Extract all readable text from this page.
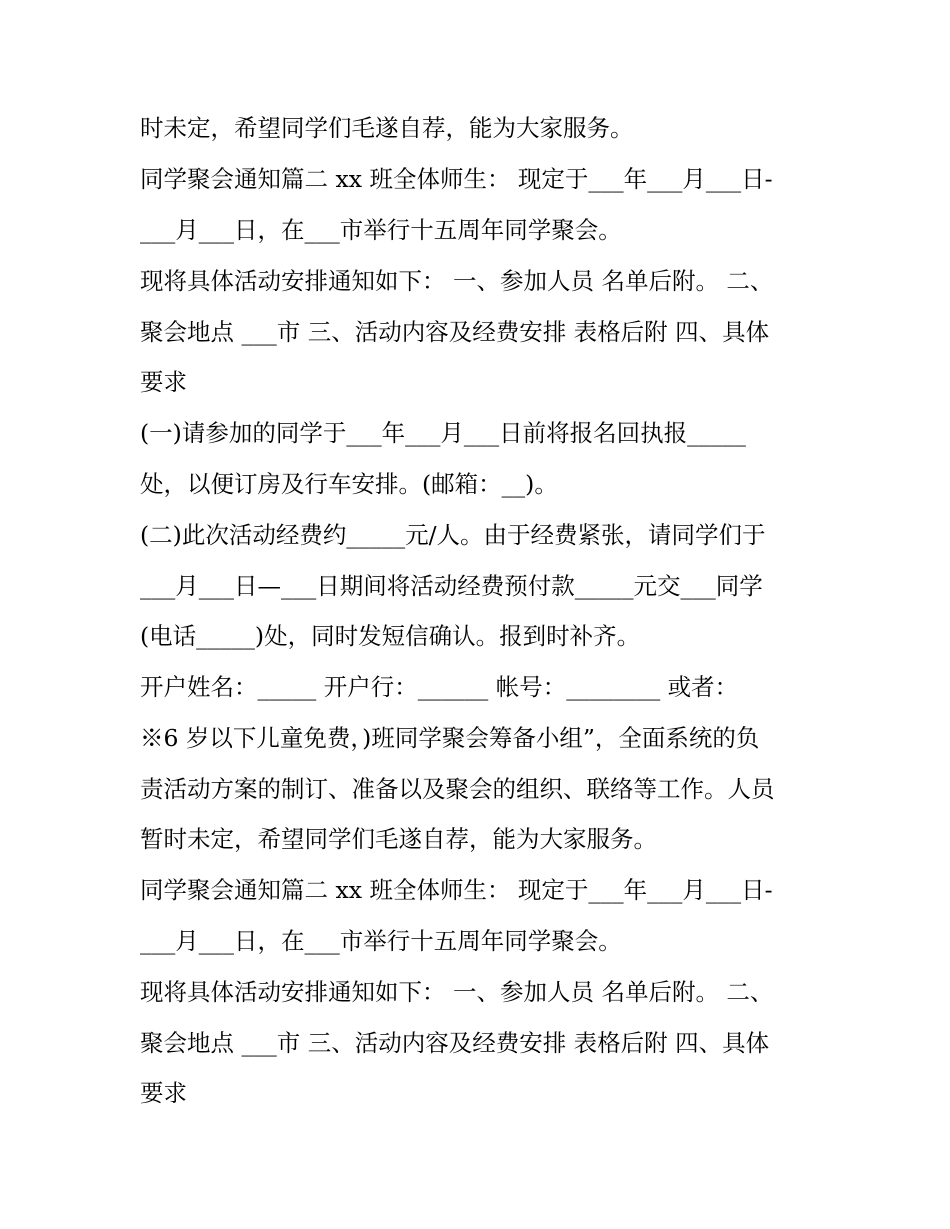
时未定，希望同学们毛遂自荐，能为大家服务。
同学聚会通知篇二 xx 班全体师生： 现定于___年___月___日-
___月___日，在___市举行十五周年同学聚会。
现将具体活动安排通知如下： 一、参加人员 名单后附。 二、
聚会地点 ___市 三、活动内容及经费安排 表格后附 四、具体
要求
(一)请参加的同学于___年___月___日前将报名回执报_____
处，以便订房及行车安排。(邮箱：__)。
(二)此次活动经费约_____元/人。由于经费紧张，请同学们于
___月___日—___日期间将活动经费预付款_____元交___同学
(电话_____)处，同时发短信确认。报到时补齐。
开户姓名：_____ 开户行：______ 帐号：________ 或者：
※6 岁以下儿童免费，)班同学聚会筹备小组”，全面系统的负
责活动方案的制订、准备以及聚会的组织、联络等工作。人员
暂时未定，希望同学们毛遂自荐，能为大家服务。
同学聚会通知篇二 xx 班全体师生： 现定于___年___月___日-
___月___日，在___市举行十五周年同学聚会。
现将具体活动安排通知如下： 一、参加人员 名单后附。 二、
聚会地点 ___市 三、活动内容及经费安排 表格后附 四、具体
要求
